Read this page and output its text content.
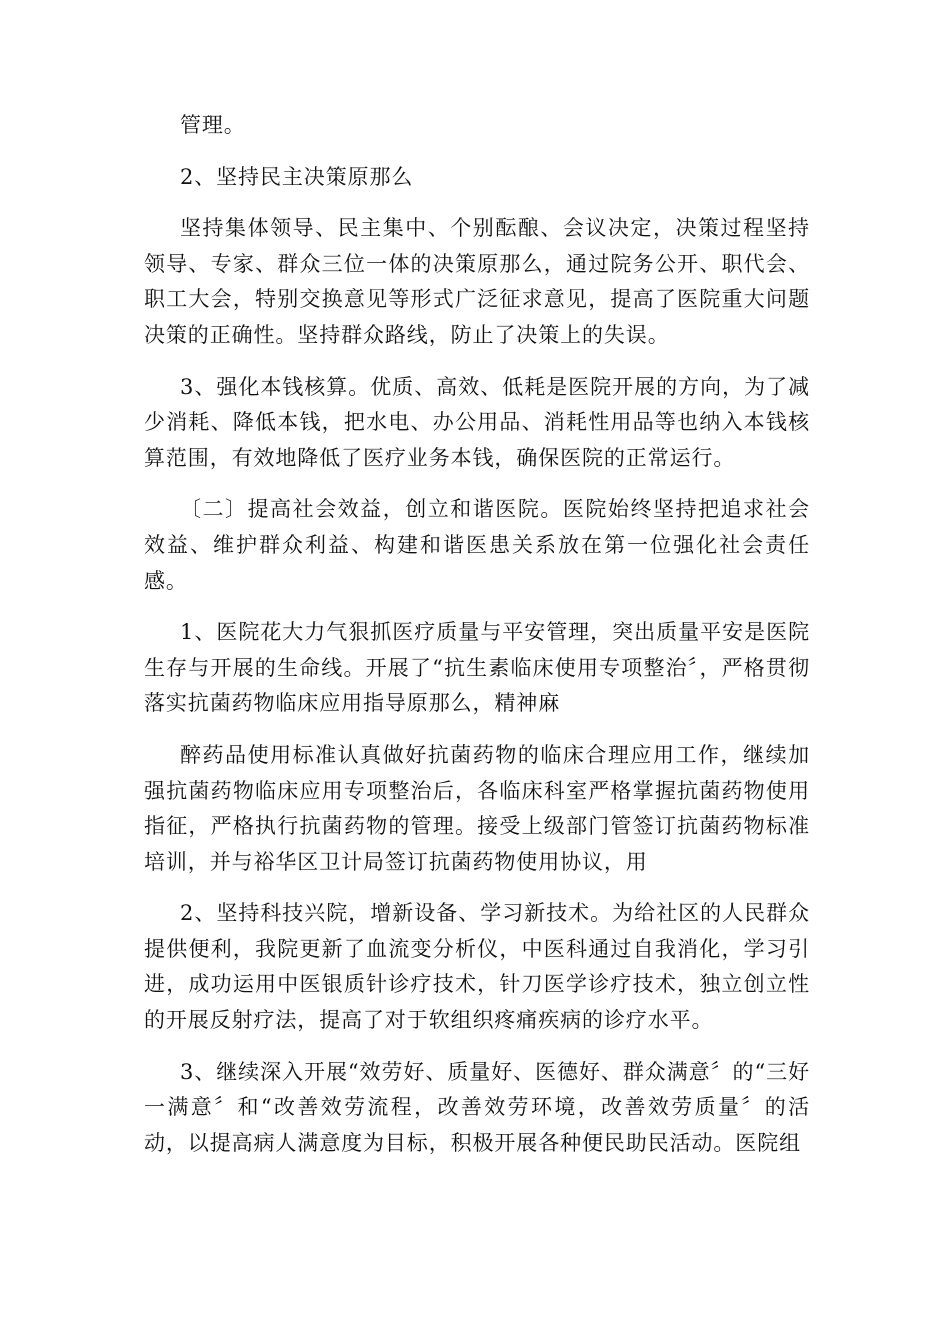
管理。

2、坚持民主决策原那么

坚持集体领导、民主集中、个别酝酿、会议决定，决策过程坚持领导、专家、群众三位一体的决策原那么，通过院务公开、职代会、职工大会，特别交换意见等形式广泛征求意见，提高了医院重大问题决策的正确性。坚持群众路线，防止了决策上的失误。

3、强化本钱核算。优质、高效、低耗是医院开展的方向，为了减少消耗、降低本钱，把水电、办公用品、消耗性用品等也纳入本钱核算范围，有效地降低了医疗业务本钱，确保医院的正常运行。

〔二〕提高社会效益，创立和谐医院。医院始终坚持把追求社会效益、维护群众利益、构建和谐医患关系放在第一位强化社会责任感。

1、医院花大力气狠抓医疗质量与平安管理，突出质量平安是医院生存与开展的生命线。开展了“抗生素临床使用专项整治〞，严格贯彻落实抗菌药物临床应用指导原那么，精神麻

醉药品使用标准认真做好抗菌药物的临床合理应用工作，继续加强抗菌药物临床应用专项整治后，各临床科室严格掌握抗菌药物使用指征，严格执行抗菌药物的管理。接受上级部门管签订抗菌药物标准培训，并与裕华区卫计局签订抗菌药物使用协议，用

2、坚持科技兴院，增新设备、学习新技术。为给社区的人民群众提供便利，我院更新了血流变分析仪，中医科通过自我消化，学习引进，成功运用中医银质针诊疗技术，针刀医学诊疗技术，独立创立性的开展反射疗法，提高了对于软组织疼痛疾病的诊疗水平。

3、继续深入开展“效劳好、质量好、医德好、群众满意〞的“三好一满意〞和“改善效劳流程，改善效劳环境，改善效劳质量〞的活动，以提高病人满意度为目标，积极开展各种便民助民活动。医院组
